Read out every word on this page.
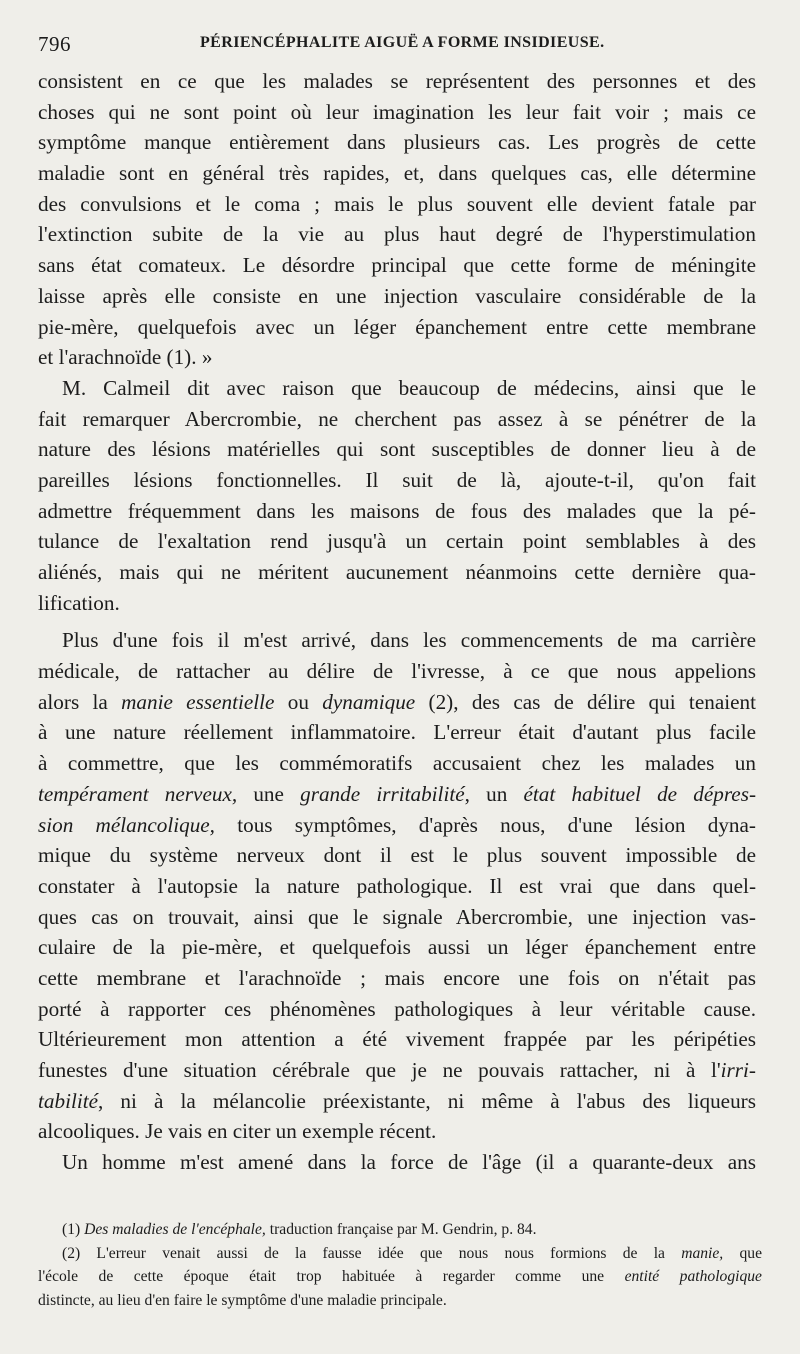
796	PÉRIENCÉPHALITE AIGUË A FORME INSIDIEUSE.
consistent en ce que les malades se représentent des personnes et des
choses qui ne sont point où leur imagination les leur fait voir ; mais ce
symptôme manque entièrement dans plusieurs cas. Les progrès de cette
maladie sont en général très rapides, et, dans quelques cas, elle détermine
des convulsions et le coma ; mais le plus souvent elle devient fatale par
l'extinction subite de la vie au plus haut degré de l'hyperstimulation
sans état comateux. Le désordre principal que cette forme de méningite
laisse après elle consiste en une injection vasculaire considérable de la
pie-mère, quelquefois avec un léger épanchement entre cette membrane
et l'arachnoïde (1). »
M. Calmeil dit avec raison que beaucoup de médecins, ainsi que le
fait remarquer Abercrombie, ne cherchent pas assez à se pénétrer de la
nature des lésions matérielles qui sont susceptibles de donner lieu à de
pareilles lésions fonctionnelles. Il suit de là, ajoute-t-il, qu'on fait
admettre fréquemment dans les maisons de fous des malades que la pé-
tulance de l'exaltation rend jusqu'à un certain point semblables à des
aliénés, mais qui ne méritent aucunement néanmoins cette dernière qua-
lification.
Plus d'une fois il m'est arrivé, dans les commencements de ma carrière
médicale, de rattacher au délire de l'ivresse, à ce que nous appelions
alors la manie essentielle ou dynamique (2), des cas de délire qui tenaient
à une nature réellement inflammatoire. L'erreur était d'autant plus facile
à commettre, que les commémoratifs accusaient chez les malades un
tempérament nerveux, une grande irritabilité, un état habituel de dépres-
sion mélancolique, tous symptômes, d'après nous, d'une lésion dyna-
mique du système nerveux dont il est le plus souvent impossible de
constater à l'autopsie la nature pathologique. Il est vrai que dans quel-
ques cas on trouvait, ainsi que le signale Abercrombie, une injection vas-
culaire de la pie-mère, et quelquefois aussi un léger épanchement entre
cette membrane et l'arachnoïde ; mais encore une fois on n'était pas
porté à rapporter ces phénomènes pathologiques à leur véritable cause.
Ultérieurement mon attention a été vivement frappée par les péripéties
funestes d'une situation cérébrale que je ne pouvais rattacher, ni à l'irri-
tabilité, ni à la mélancolie préexistante, ni même à l'abus des liqueurs
alcooliques. Je vais en citer un exemple récent.
Un homme m'est amené dans la force de l'âge (il a quarante-deux ans
(1) Des maladies de l'encéphale, traduction française par M. Gendrin, p. 84.
(2) L'erreur venait aussi de la fausse idée que nous nous formions de la manie, que
l'école de cette époque était trop habituée à regarder comme une entité pathologique
distincte, au lieu d'en faire le symptôme d'une maladie principale.
